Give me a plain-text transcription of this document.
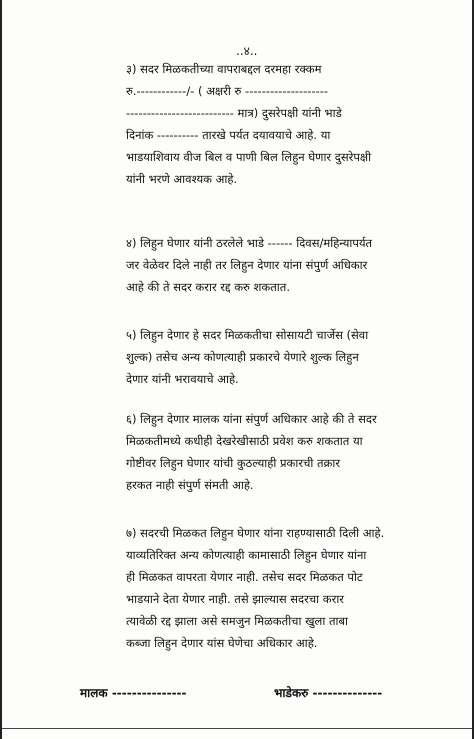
..४..
३) सदर मिळकतीच्या वापराबद्दल दरमहा रक्कम
रु.------------/- ( अक्षरी रु --------------------
-------------------------- मात्र) दुसरेपक्षी यांनी भाडे
दिनांक ---------- तारखे पर्यत दयावयाचे आहे. या
भाडयाशिवाय वीज बिल व पाणी बिल लिहुन घेणार दुसरेपक्षी
यांनी भरणे आवश्यक आहे.
४) लिहुन घेणार यांनी ठरलेले भाडे ------ दिवस/महिन्यापर्यत
जर वेळेवर दिले नाही तर लिहुन देणार यांना संपुर्ण अधिकार
आहे की ते सदर करार रद्द करु शकतात.
५) लिहुन देणार हे सदर मिळकतीचा सोसायटी चार्जेस (सेवा
शुल्क) तसेच अन्य कोणत्याही प्रकारचे येणारे शुल्क लिहुन
देणार यांनी भरावयाचे आहे.
६) लिहुन देणार मालक यांना संपुर्ण अधिकार आहे की ते सदर
मिळकतीमध्ये कधीही देखरेखीसाठी प्रवेश करु शकतात या
गोष्टीवर लिहुन घेणार यांची कुठल्याही प्रकारची तक्रार
हरकत नाही संपुर्ण संमती आहे.
७) सदरची मिळकत लिहुन घेणार यांना राहण्यासाठी दिली आहे.
याव्यतिरिक्त अन्य कोणत्याही कामासाठी लिहुन घेणार यांना
ही मिळकत वापरता येणार नाही. तसेच सदर मिळकत पोट
भाडयाने देता येणार नाही. तसे झाल्यास सदरचा करार
त्यावेळी रद्द झाला असे समजुन मिळकतीचा खुला ताबा
कब्जा लिहुन देणार यांस घेणेचा अधिकार आहे.
मालक ---------------	भाडेकरु --------------
